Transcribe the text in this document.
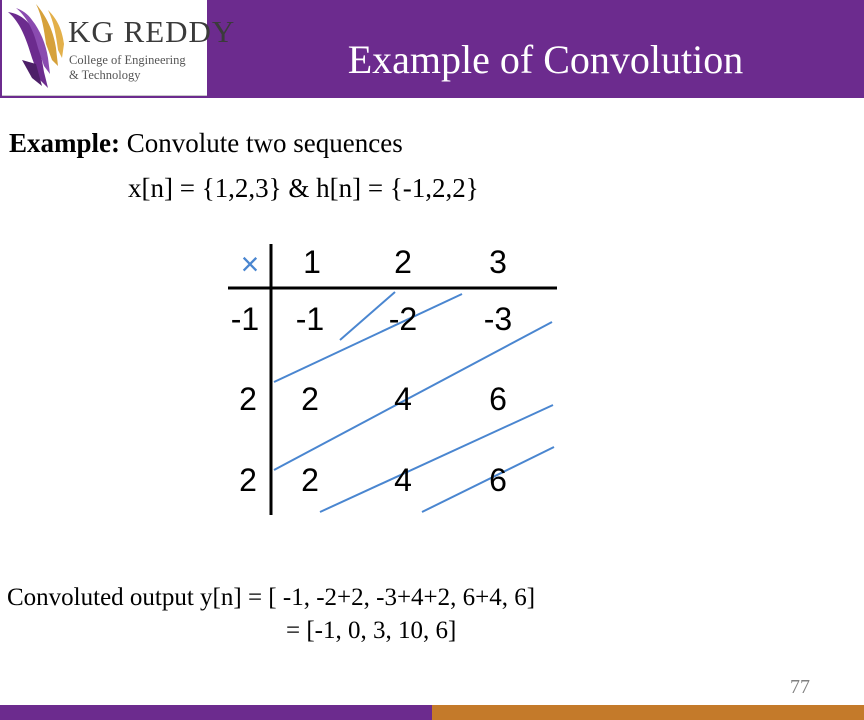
KG REDDY
College of Engineering
& Technology	Example of Convolution
Example: Convolute two sequences
x[n] = {1,2,3} & h[n] = {-1,2,2}
×	1	2	3
-1	-1	-2	-3
2	2	4	6
2	2	4	6
Convoluted output y[n] = [ -1, -2+2, -3+4+2, 6+4, 6]
= [-1, 0, 3, 10, 6]
77
